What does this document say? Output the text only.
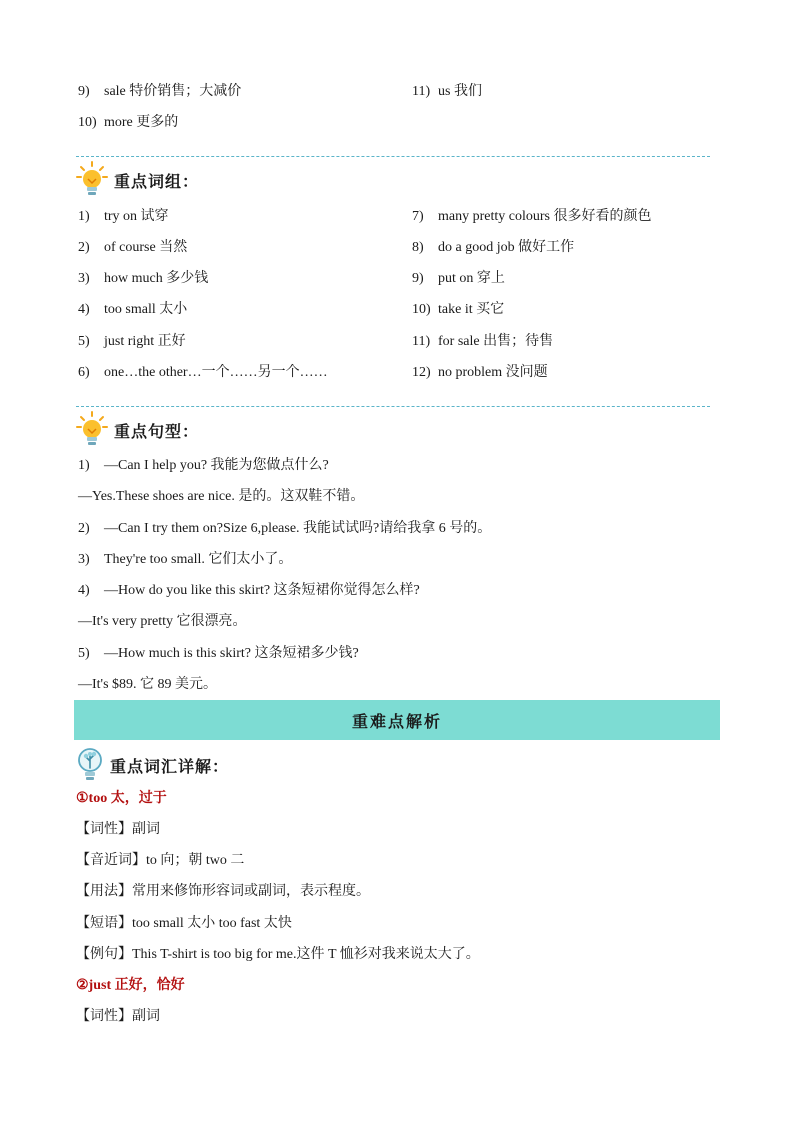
9) sale 特价销售；大减价	11) us 我们
10) more 更多的
重点词组：
1) try on 试穿
2) of course 当然
3) how much 多少钱
4) too small 太小
5) just right 正好
6) one…the other…一个……另一个……
7) many pretty colours 很多好看的颜色
8) do a good job 做好工作
9) put on 穿上
10) take it 买它
11) for sale 出售；待售
12) no problem 没问题
重点句型：
1) —Can I help you? 我能为您做点什么?
—Yes.These shoes are nice. 是的。这双鞋不错。
2) —Can I try them on?Size 6,please. 我能试试吗?请给我拿 6 号的。
3) They're too small. 它们太小了。
4) —How do you like this skirt? 这条短裙你觉得怎么样?
—It's very pretty 它很漂亮。
5) —How much is this skirt? 这条短裙多少钱?
—It's $89. 它 89 美元。
重难点解析
重点词汇详解：
①too 太，过于
【词性】副词
【音近词】to 向；朝 two 二
【用法】常用来修饰形容词或副词，表示程度。
【短语】too small 太小 too fast 太快
【例句】This T-shirt is too big for me.这件 T 恤衫对我来说太大了。
②just 正好，恰好
【词性】副词
